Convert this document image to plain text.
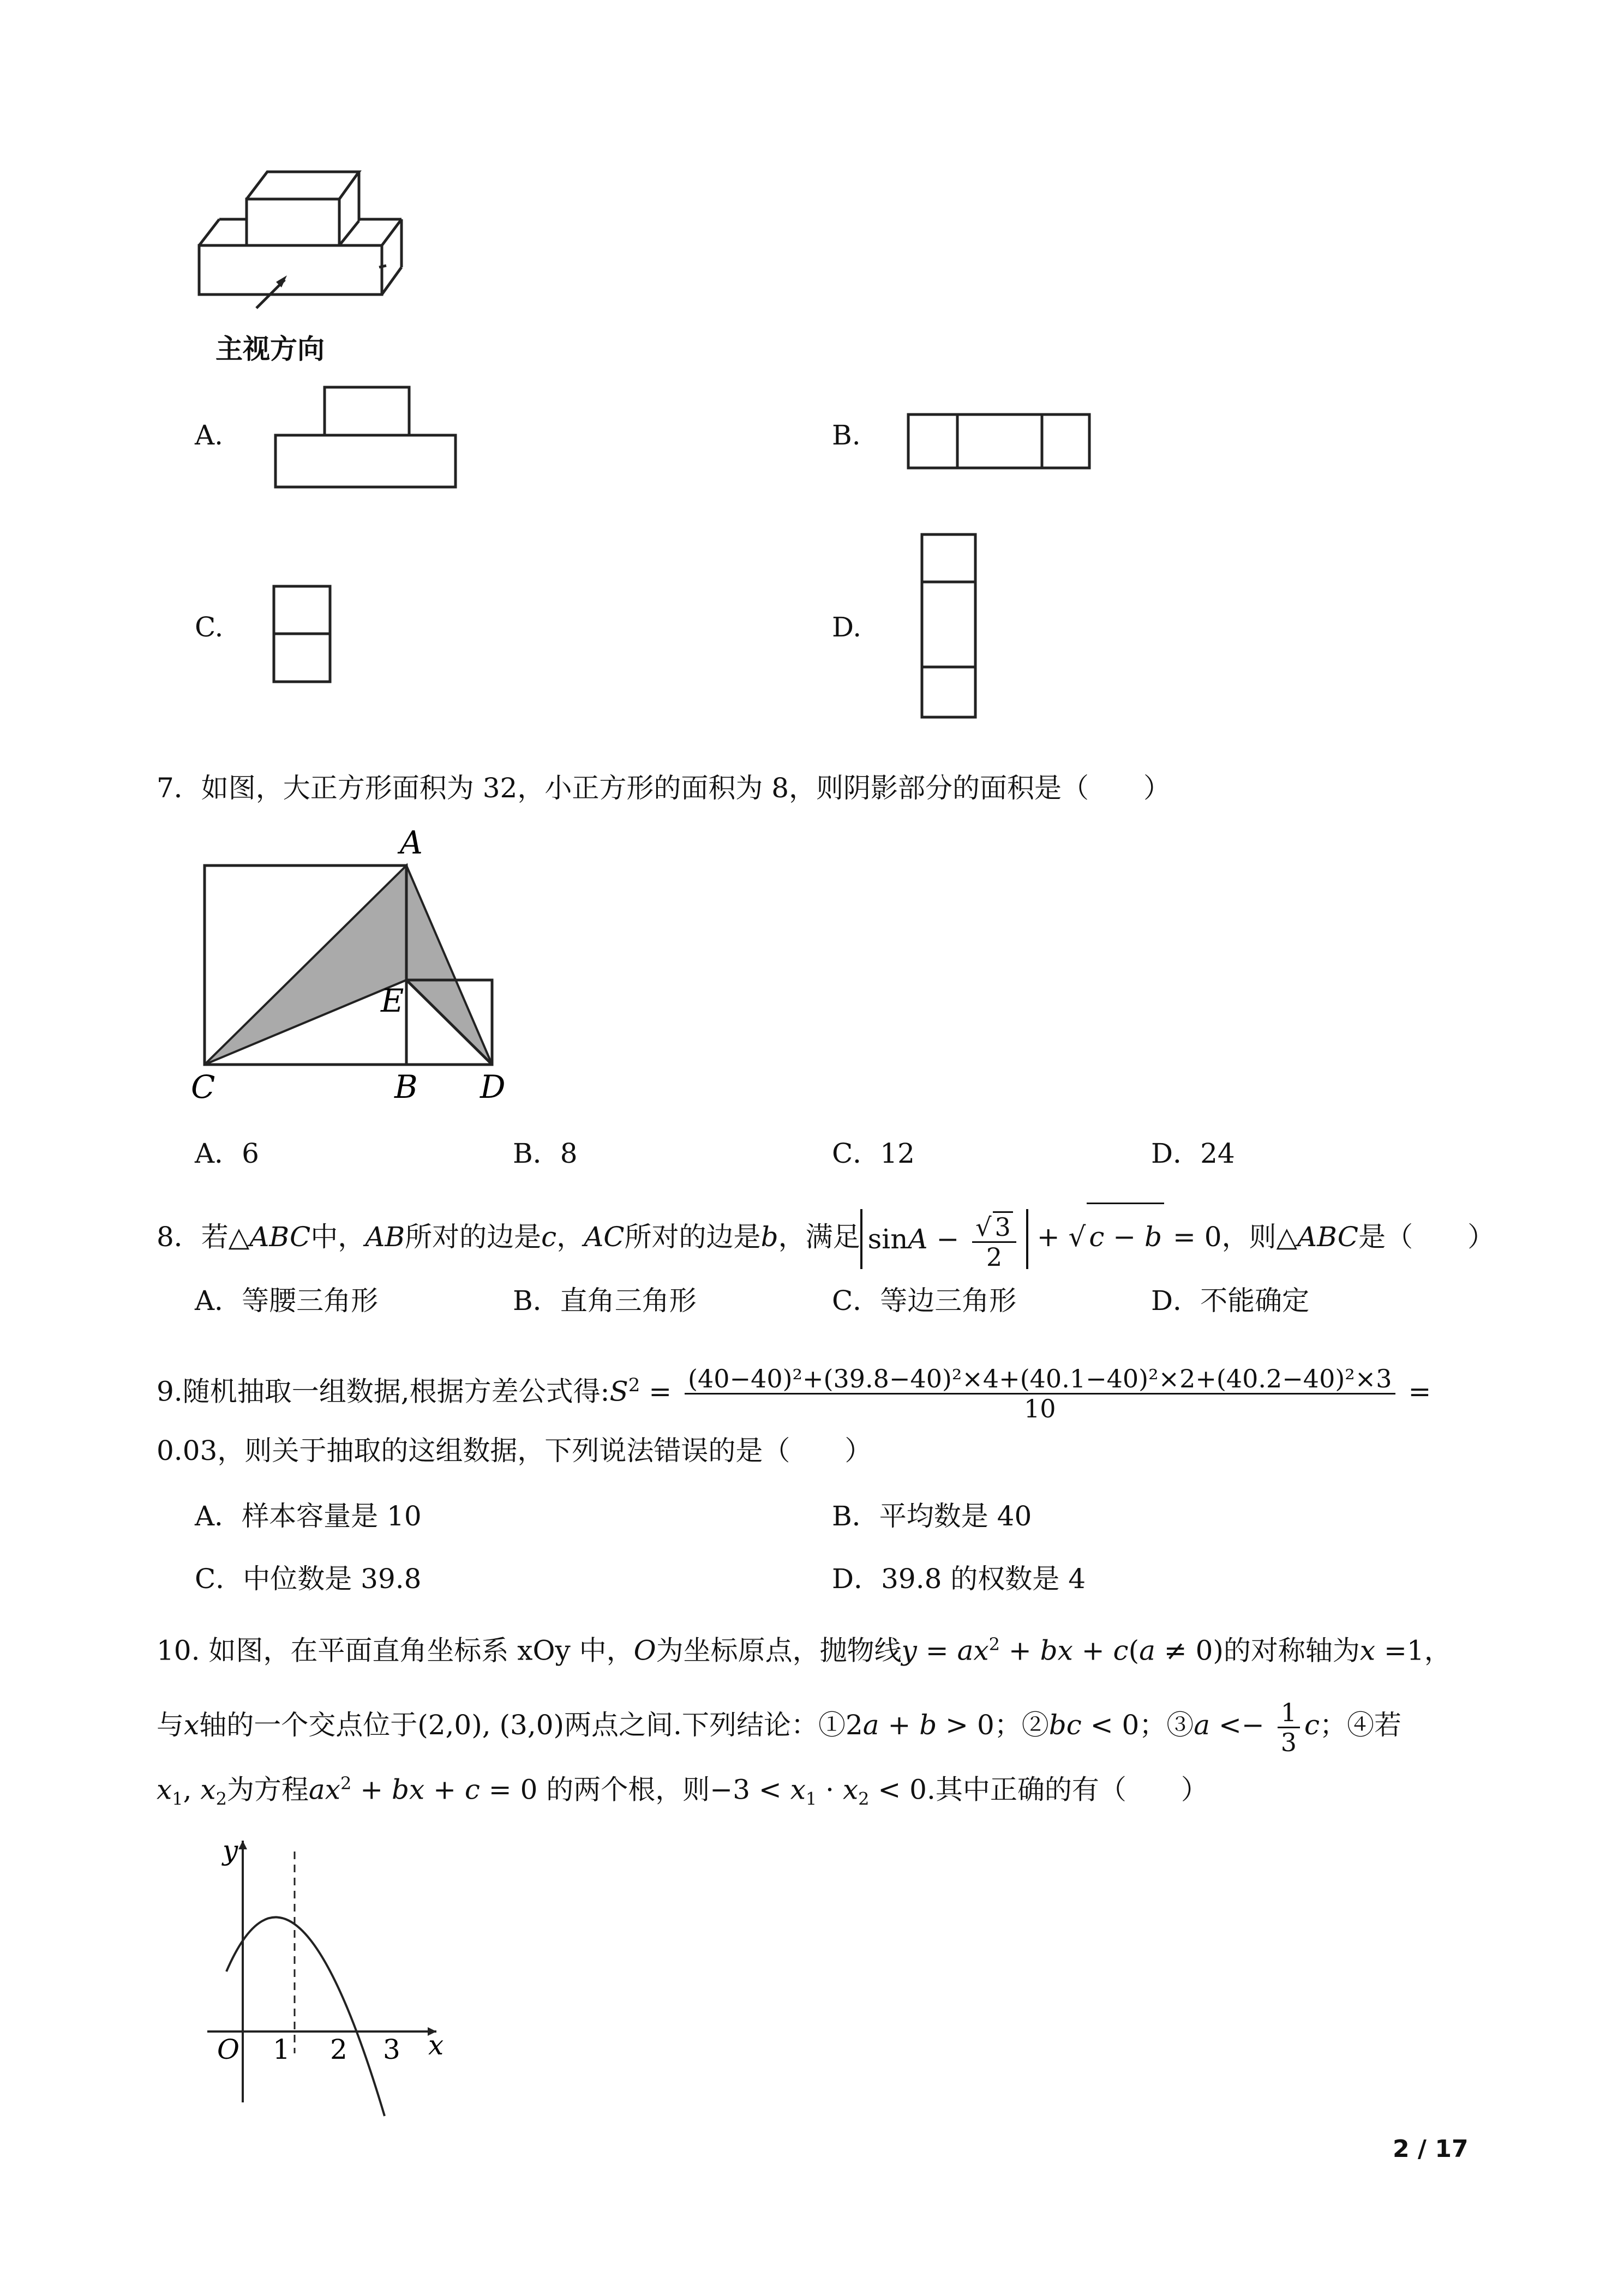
主视方向
A.	B.
C.	D.
7．如图，大正方形面积为 32，小正方形的面积为 8，则阴影部分的面积是（　　）
A
E
C	B D
A．6	B．8	C．12	D．24
8．若△ABC中，AB所对的边是c，AC所对的边是b，满足 $\sin A - \frac{√ 3}{2}$ + √ c − b = 0，则△ABC是（　　）
A．等腰三角形	B．直角三角形	C．等边三角形	D．不能确定
9.随机抽取一组数据,根据方差公式得$:S^2 = \frac{\text{(40−40)²+(39.8−40)²×4+(40.1−40)²×2+(40.2−40)²×3}}{10}$ =
0.03，则关于抽取的这组数据，下列说法错误的是（　　）
A．样本容量是 10	B．平均数是 40
C．中位数是 39.8	D．39.8 的权数是 4
10. 如图，在平面直角坐标系 xOy 中，O为坐标原点，抛物线$y = ax^2$ + bx + c(a ≠ 0)的对称轴为x =1，
与x轴的一个交点位于(2,0), (3,0)两点之间.下列结论：①2a + b > 0；②bc < 0；③a <− $\frac{1}{3}$ c；④若
$x_1$, $x_2$为方程$ax^2$ + bx + c = 0 的两个根，则$-3 < x_1 \cdot x_2 < 0$.其中正确的有（　　）
y
x
O 1 2 3
2 / 17
